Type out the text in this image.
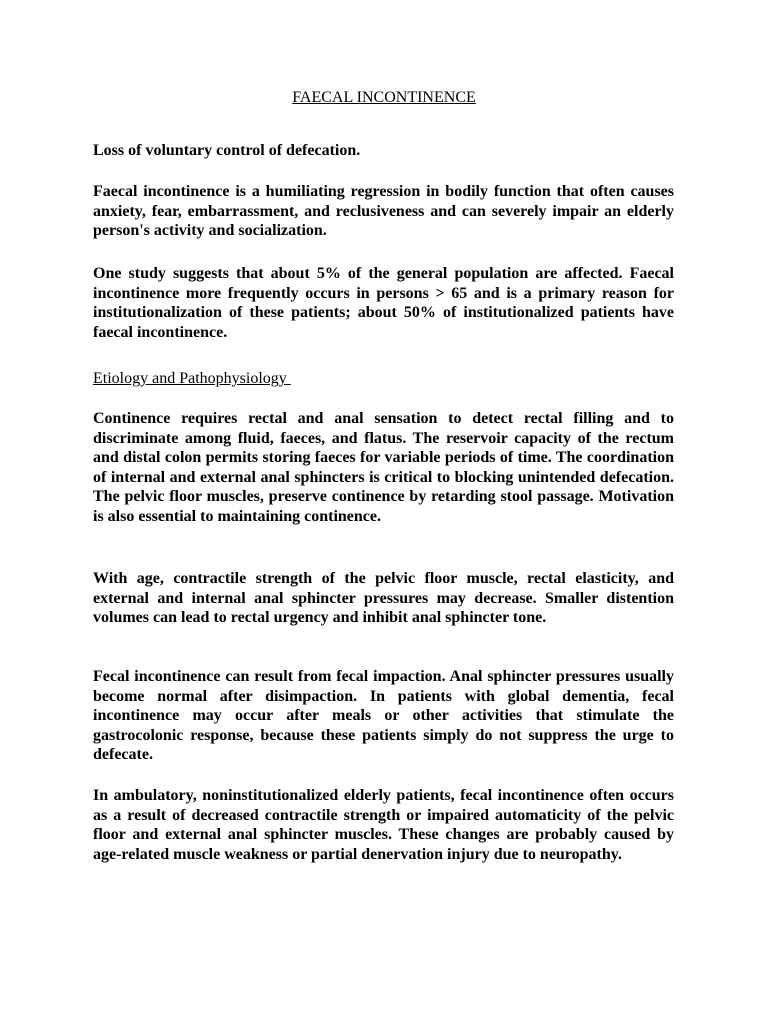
FAECAL INCONTINENCE

Loss of voluntary control of defecation.

Faecal incontinence is a humiliating regression in bodily function that often causes anxiety, fear, embarrassment, and reclusiveness and can severely impair an elderly person's activity and socialization.

One study suggests that about 5% of the general population are affected. Faecal incontinence more frequently occurs in persons > 65 and is a primary reason for institutionalization of these patients; about 50% of institutionalized patients have faecal incontinence.

Etiology and Pathophysiology

Continence requires rectal and anal sensation to detect rectal filling and to discriminate among fluid, faeces, and flatus. The reservoir capacity of the rectum and distal colon permits storing faeces for variable periods of time. The coordination of internal and external anal sphincters is critical to blocking unintended defecation. The pelvic floor muscles, preserve continence by retarding stool passage. Motivation is also essential to maintaining continence.

With age, contractile strength of the pelvic floor muscle, rectal elasticity, and external and internal anal sphincter pressures may decrease. Smaller distention volumes can lead to rectal urgency and inhibit anal sphincter tone.

Fecal incontinence can result from fecal impaction. Anal sphincter pressures usually become normal after disimpaction. In patients with global dementia, fecal incontinence may occur after meals or other activities that stimulate the gastrocolonic response, because these patients simply do not suppress the urge to defecate.

In ambulatory, noninstitutionalized elderly patients, fecal incontinence often occurs as a result of decreased contractile strength or impaired automaticity of the pelvic floor and external anal sphincter muscles. These changes are probably caused by age-related muscle weakness or partial denervation injury due to neuropathy.
